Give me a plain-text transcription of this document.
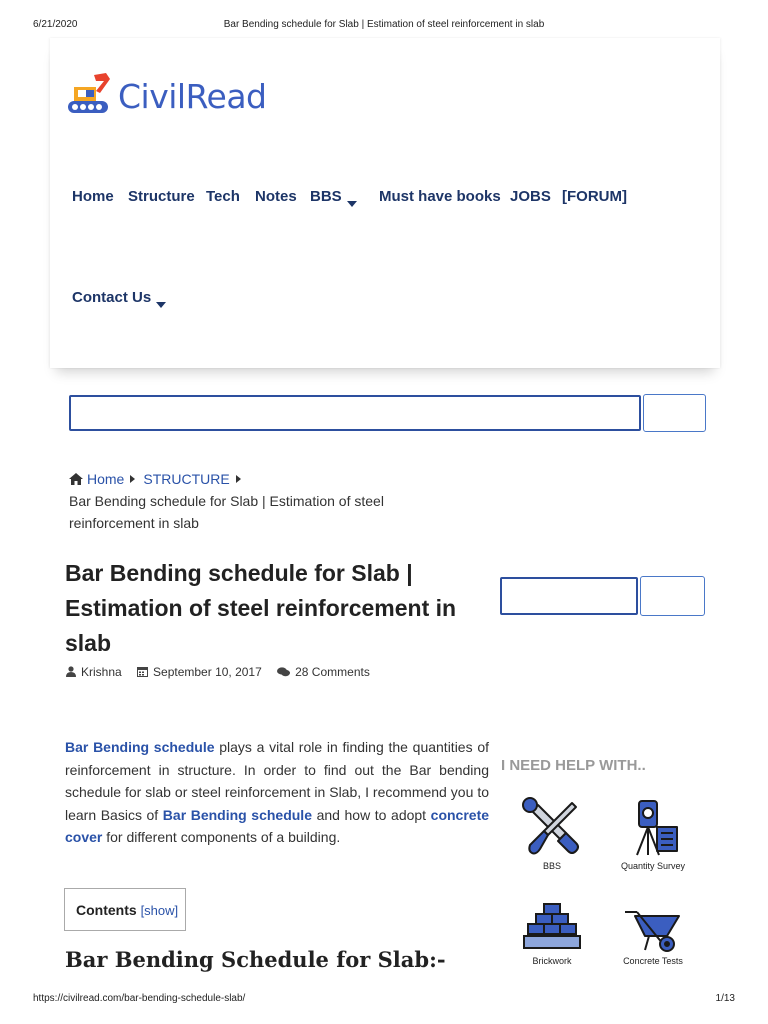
6/21/2020	Bar Bending schedule for Slab | Estimation of steel reinforcement in slab
CivilRead
Home Structure Tech Notes BBS	Must have books JOBS [FORUM]
Contact Us
Home STRUCTURE
Bar Bending schedule for Slab | Estimation of steel reinforcement in slab
Bar Bending schedule for Slab | Estimation of steel reinforcement in slab
Krishna	September 10, 2017	28 Comments

Bar Bending schedule plays a vital role in finding the quantities of reinforcement in structure. In order to find out the Bar bending schedule for slab or steel reinforcement in Slab, I recommend you to learn Basics of Bar Bending schedule and how to adopt concrete cover for different components of a building.

Contents [show]
Bar Bending Schedule for Slab:-
I NEED HELP WITH..
BBS	Quantity Survey
Brickwork	Concrete Tests
https://civilread.com/bar-bending-schedule-slab/	1/13
